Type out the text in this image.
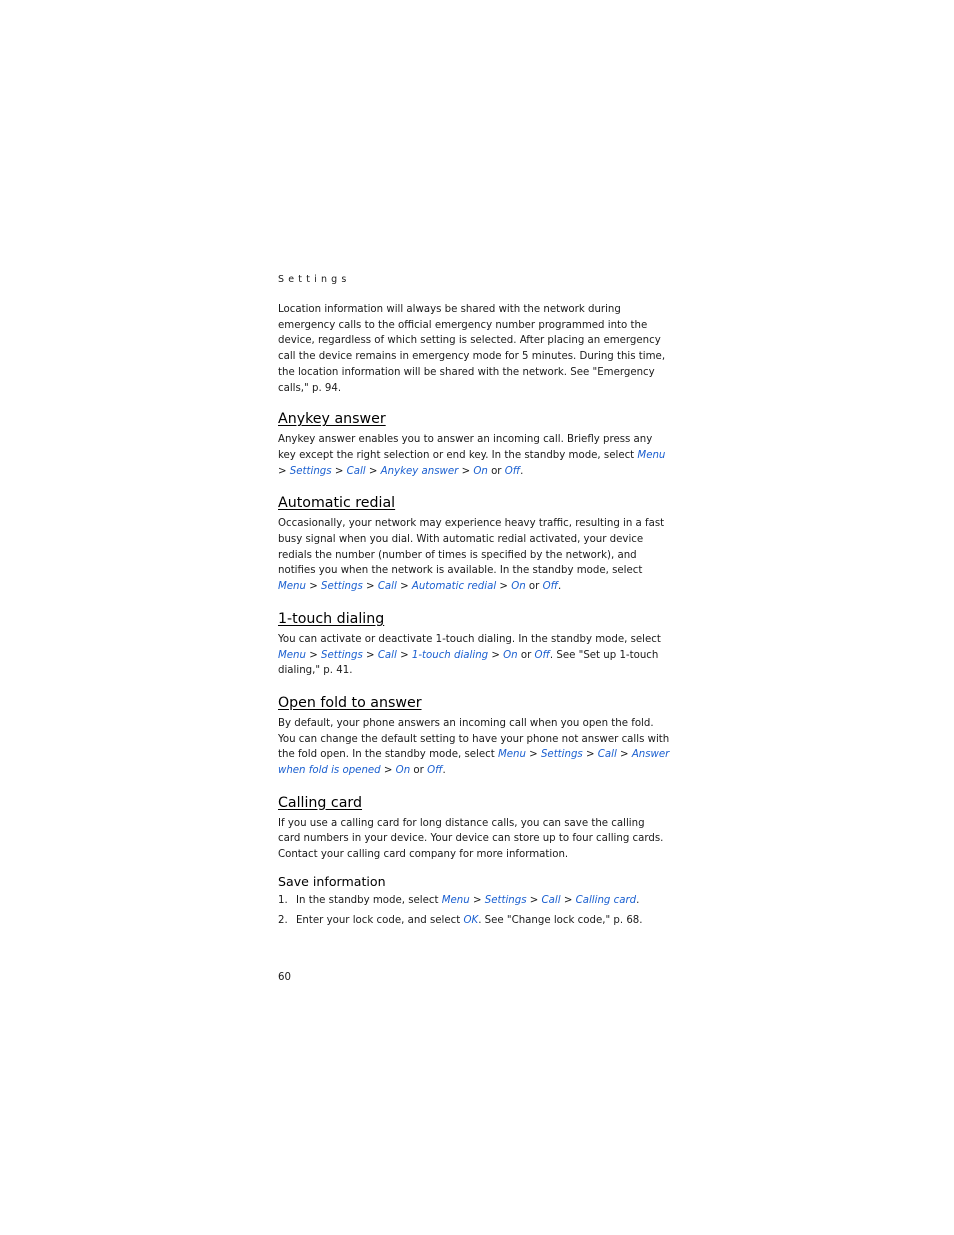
Settings

Location information will always be shared with the network during emergency calls to the official emergency number programmed into the device, regardless of which setting is selected. After placing an emergency call the device remains in emergency mode for 5 minutes. During this time, the location information will be shared with the network. See "Emergency calls," p. 94.

Anykey answer

Anykey answer enables you to answer an incoming call. Briefly press any key except the right selection or end key. In the standby mode, select Menu > Settings > Call > Anykey answer > On or Off.

Automatic redial

Occasionally, your network may experience heavy traffic, resulting in a fast busy signal when you dial. With automatic redial activated, your device redials the number (number of times is specified by the network), and notifies you when the network is available. In the standby mode, select Menu > Settings > Call > Automatic redial > On or Off.

1-touch dialing

You can activate or deactivate 1-touch dialing. In the standby mode, select Menu > Settings > Call > 1-touch dialing > On or Off. See "Set up 1-touch dialing," p. 41.

Open fold to answer

By default, your phone answers an incoming call when you open the fold. You can change the default setting to have your phone not answer calls with the fold open. In the standby mode, select Menu > Settings > Call > Answer when fold is opened > On or Off.

Calling card

If you use a calling card for long distance calls, you can save the calling card numbers in your device. Your device can store up to four calling cards. Contact your calling card company for more information.

Save information
1. In the standby mode, select Menu > Settings > Call > Calling card.
2. Enter your lock code, and select OK. See "Change lock code," p. 68.
60
